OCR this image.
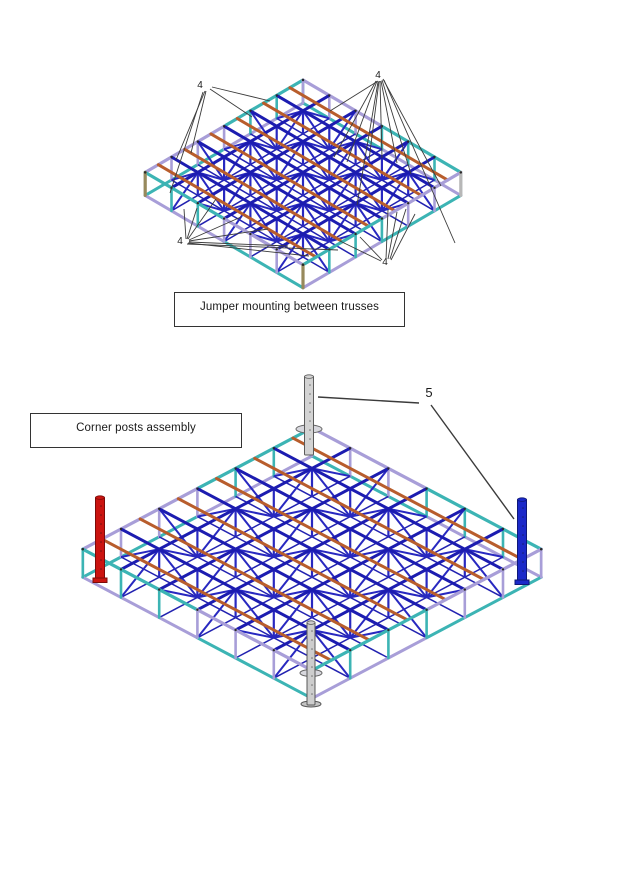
4
4
4
4
5
Jumper mounting between trusses
Corner posts assembly
